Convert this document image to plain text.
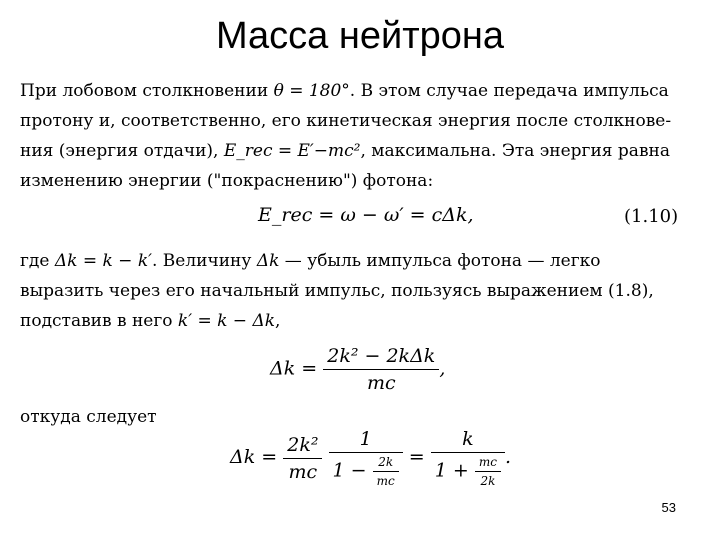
Масса нейтрона
При лобовом столкновении θ = 180°. В этом случае передача импульса
протону и, соответственно, его кинетическая энергия после столкнове-
ния (энергия отдачи), E_rec = E′−mc², максимальна. Эта энергия равна
изменению энергии ("покраснению") фотона:
E_rec = ω − ω′ = cΔk,	(1.10)
где Δk = k − k′. Величину Δk — убыль импульса фотона — легко
выразить через его начальный импульс, пользуясь выражением (1.8),
подставив в него k′ = k − Δk,
$\Delta k = \frac{\text{2k² − 2kΔk}}{mc}$ ,
откуда следует
$\Delta k = \frac{\text{2k²}}{mc}$
$\frac{1}{1 - \frac{2k}{mc}} = \frac{k}{1 + \frac{mc}{2k}}$ .
53
